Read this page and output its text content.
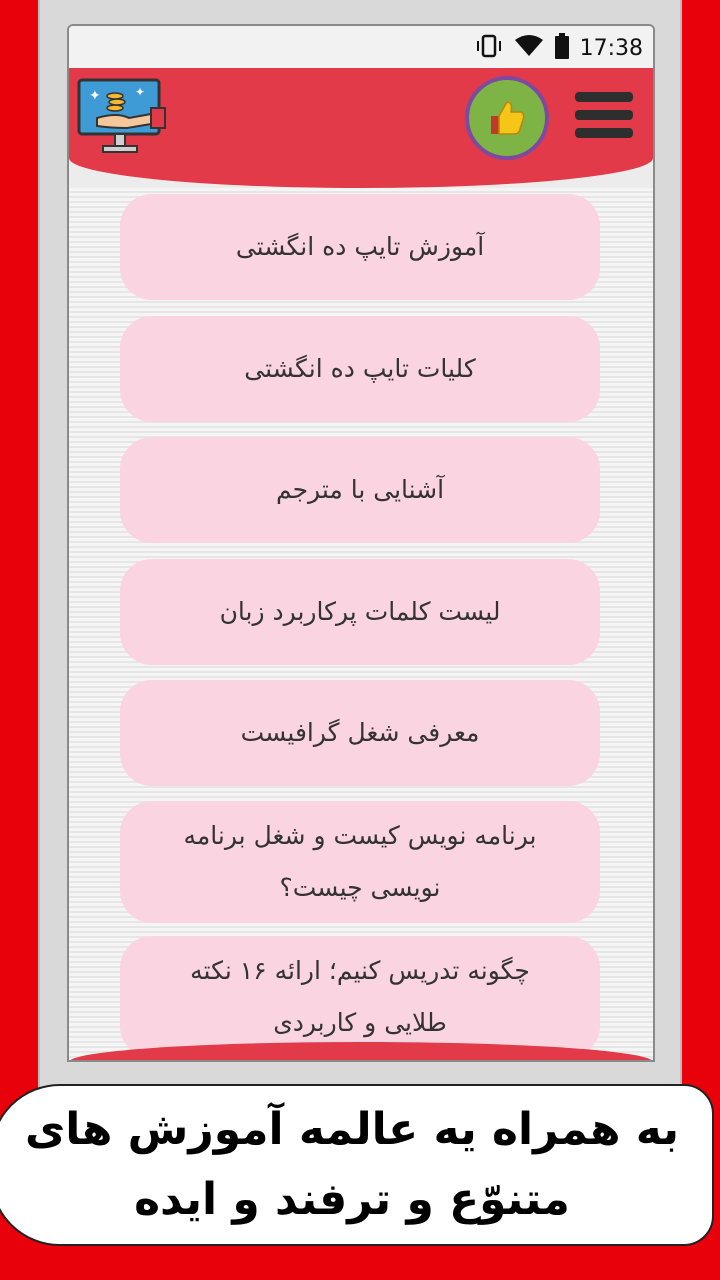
17:38
✦	✦
آموزش تایپ ده انگشتی
کلیات تایپ ده انگشتی
آشنایی با مترجم
لیست کلمات پرکاربرد زبان
معرفی شغل گرافیست
برنامه نویس کیست و شغل برنامه نویسی چیست؟
چگونه تدریس کنیم؛ ارائه ۱۶ نکته طلایی و کاربردی
به همراه یه عالمه آموزش های متنوّع و ترفند و ایده
